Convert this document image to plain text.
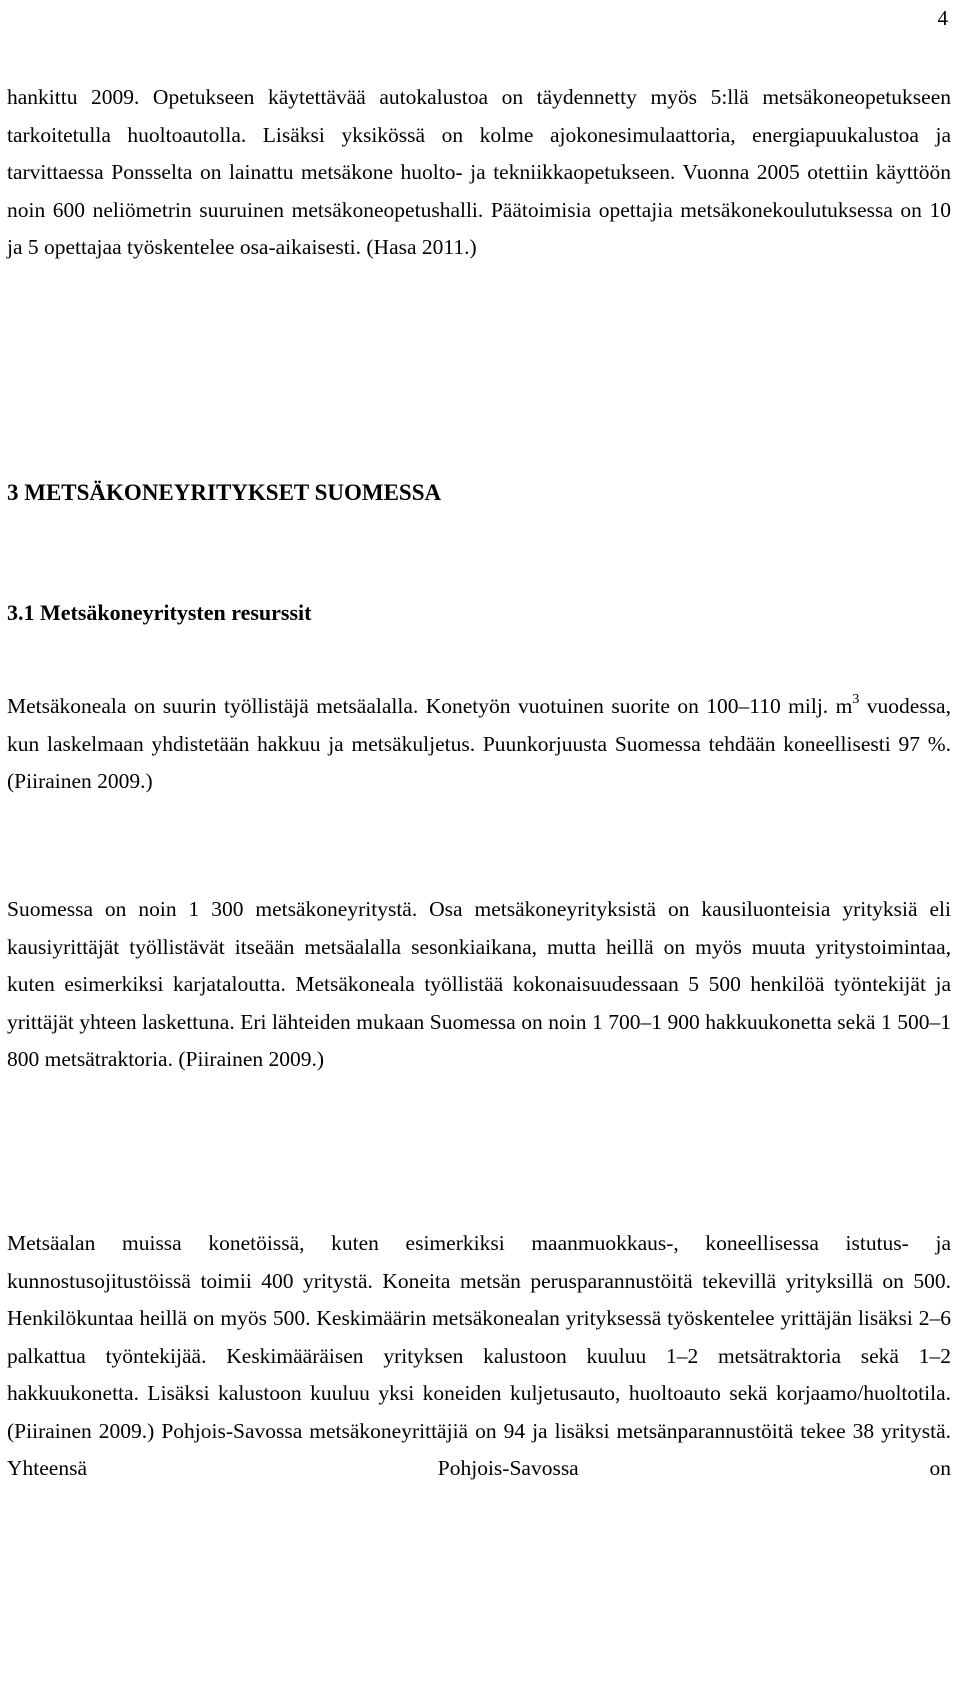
4

hankittu 2009. Opetukseen käytettävää autokalustoa on täydennetty myös 5:llä metsäkoneopetukseen tarkoitetulla huoltoautolla. Lisäksi yksikössä on kolme ajokonesimulaattoria, energiapuukalustoa ja tarvittaessa Ponsselta on lainattu metsäkone huolto- ja tekniikkaopetukseen. Vuonna 2005 otettiin käyttöön noin 600 neliömetrin suuruinen metsäkoneopetushalli. Päätoimisia opettajia metsäkonekoulutuksessa on 10 ja 5 opettajaa työskentelee osa-aikaisesti. (Hasa 2011.)

3 METSÄKONEYRITYKSET SUOMESSA
3.1 Metsäkoneyritysten resurssit

Metsäkoneala on suurin työllistäjä metsäalalla. Konetyön vuotuinen suorite on 100–110 milj. $m^3$ vuodessa, kun laskelmaan yhdistetään hakkuu ja metsäkuljetus. Puunkorjuusta Suomessa tehdään koneellisesti 97 %. (Piirainen 2009.)

Suomessa on noin 1 300 metsäkoneyritystä. Osa metsäkoneyrityksistä on kausiluonteisia yrityksiä eli kausiyrittäjät työllistävät itseään metsäalalla sesonkiaikana, mutta heillä on myös muuta yritystoimintaa, kuten esimerkiksi karjataloutta. Metsäkoneala työllistää kokonaisuudessaan 5 500 henkilöä työntekijät ja yrittäjät yhteen laskettuna. Eri lähteiden mukaan Suomessa on noin 1 700–1 900 hakkuukonetta sekä 1 500–1 800 metsätraktoria. (Piirainen 2009.)

Metsäalan muissa konetöissä, kuten esimerkiksi maanmuokkaus-, koneellisessa istutus- ja kunnostusojitustöissä toimii 400 yritystä. Koneita metsän perusparannustöitä tekevillä yrityksillä on 500. Henkilökuntaa heillä on myös 500. Keskimäärin metsäkonealan yrityksessä työskentelee yrittäjän lisäksi 2–6 palkattua työntekijää. Keskimääräisen yrityksen kalustoon kuuluu 1–2 metsätraktoria sekä 1–2 hakkuukonetta. Lisäksi kalustoon kuuluu yksi koneiden kuljetusauto, huoltoauto sekä korjaamo/huoltotila. (Piirainen 2009.) Pohjois-Savossa metsäkoneyrittäjiä on 94 ja lisäksi metsänparannustöitä tekee 38 yritystä. Yhteensä Pohjois-Savossa on
